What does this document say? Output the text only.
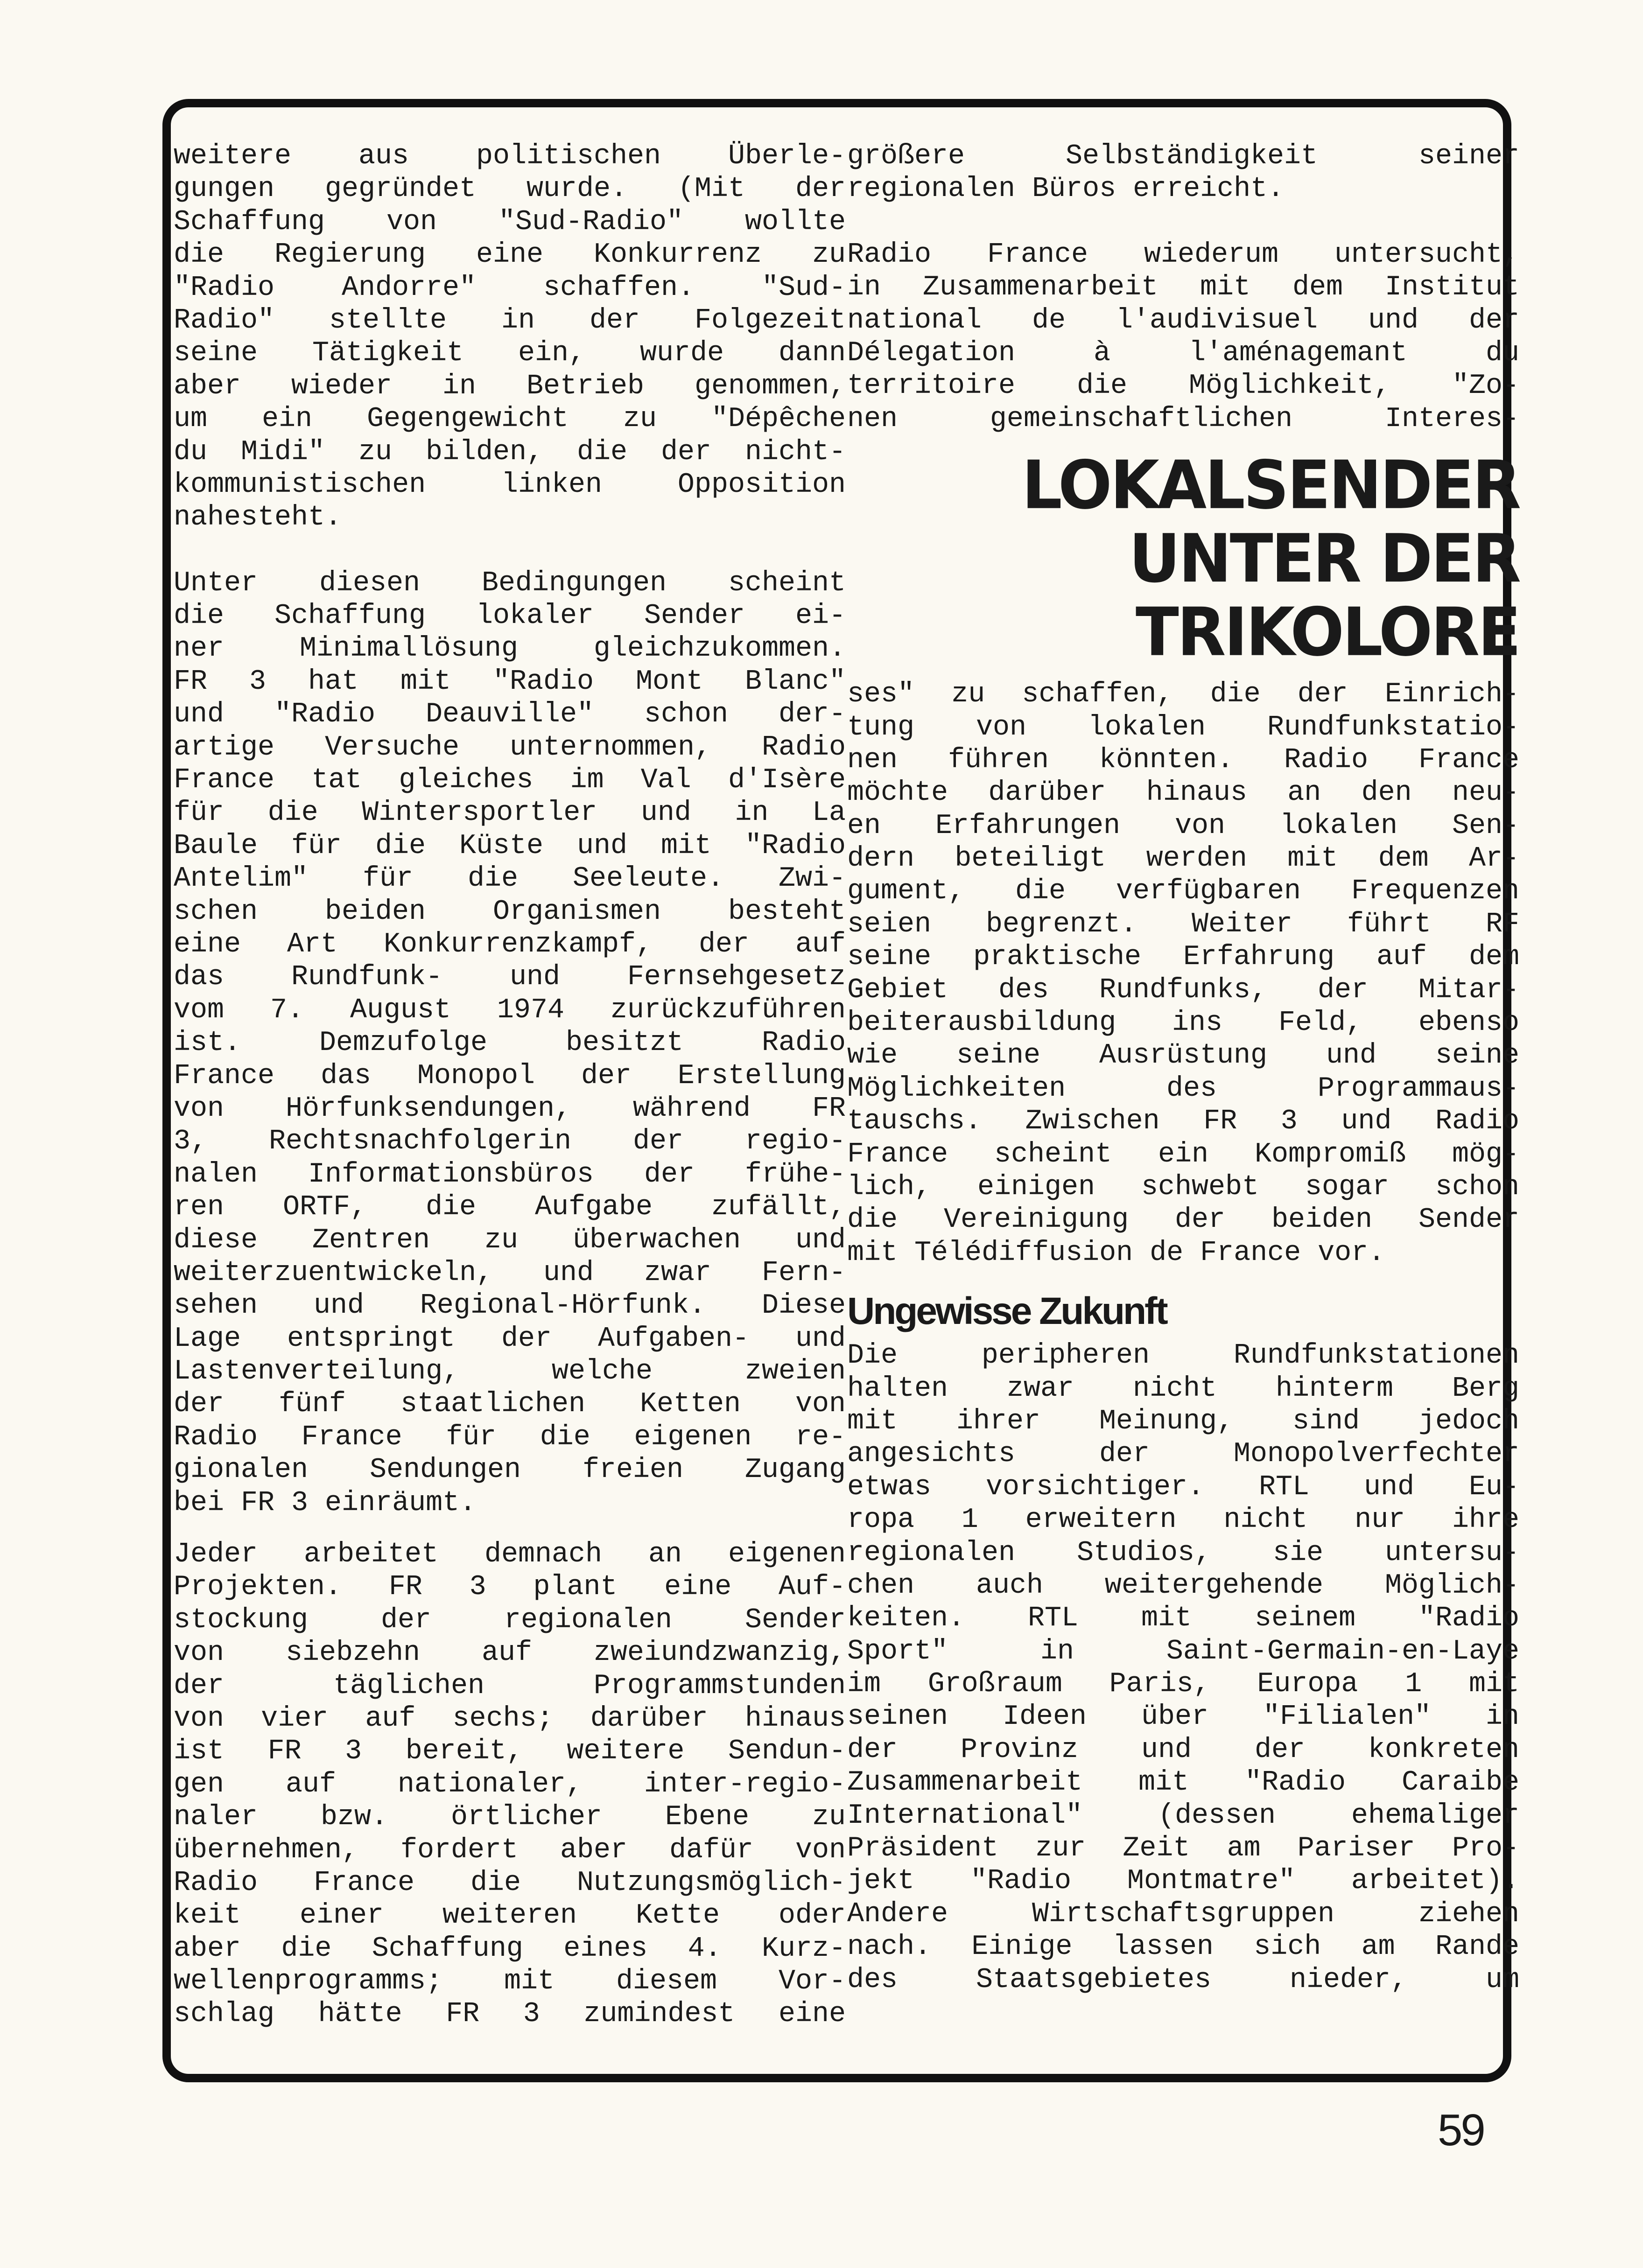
weitere aus politischen Überle-
gungen gegründet wurde. (Mit der
Schaffung von "Sud-Radio" wollte
die Regierung eine Konkurrenz zu
"Radio Andorre" schaffen. "Sud-
Radio" stellte in der Folgezeit
seine Tätigkeit ein, wurde dann
aber wieder in Betrieb genommen,
um ein Gegengewicht zu "Dépêche
du Midi" zu bilden, die der nicht-
kommunistischen linken Opposition
nahesteht.
Unter diesen Bedingungen scheint
die Schaffung lokaler Sender ei-
ner Minimallösung gleichzukommen.
FR 3 hat mit "Radio Mont Blanc"
und "Radio Deauville" schon der-
artige Versuche unternommen, Radio
France tat gleiches im Val d'Isère
für die Wintersportler und in La
Baule für die Küste und mit "Radio
Antelim" für die Seeleute. Zwi-
schen beiden Organismen besteht
eine Art Konkurrenzkampf, der auf
das Rundfunk- und Fernsehgesetz
vom 7. August 1974 zurückzuführen
ist. Demzufolge besitzt Radio
France das Monopol der Erstellung
von Hörfunksendungen, während FR
3, Rechtsnachfolgerin der regio-
nalen Informationsbüros der frühe-
ren ORTF, die Aufgabe zufällt,
diese Zentren zu überwachen und
weiterzuentwickeln, und zwar Fern-
sehen und Regional-Hörfunk. Diese
Lage entspringt der Aufgaben- und
Lastenverteilung, welche zweien
der fünf staatlichen Ketten von
Radio France für die eigenen re-
gionalen Sendungen freien Zugang
bei FR 3 einräumt.
Jeder arbeitet demnach an eigenen
Projekten. FR 3 plant eine Auf-
stockung der regionalen Sender
von siebzehn auf zweiundzwanzig,
der täglichen Programmstunden
von vier auf sechs; darüber hinaus
ist FR 3 bereit, weitere Sendun-
gen auf nationaler, inter-regio-
naler bzw. örtlicher Ebene zu
übernehmen, fordert aber dafür von
Radio France die Nutzungsmöglich-
keit einer weiteren Kette oder
aber die Schaffung eines 4. Kurz-
wellenprogramms; mit diesem Vor-
schlag hätte FR 3 zumindest eine
größere Selbständigkeit seiner
regionalen Büros erreicht.
Radio France wiederum untersucht,
in Zusammenarbeit mit dem Institut
national de l'audivisuel und der
Délegation à l'aménagemant du
territoire die Möglichkeit, "Zo-
nen gemeinschaftlichen Interes-
LOKALSENDER
UNTER DER
TRIKOLORE
ses" zu schaffen, die der Einrich-
tung von lokalen Rundfunkstatio-
nen führen könnten. Radio France
möchte darüber hinaus an den neu-
en Erfahrungen von lokalen Sen-
dern beteiligt werden mit dem Ar-
gument, die verfügbaren Frequenzen
seien begrenzt. Weiter führt RF
seine praktische Erfahrung auf dem
Gebiet des Rundfunks, der Mitar-
beiterausbildung ins Feld, ebenso
wie seine Ausrüstung und seine
Möglichkeiten des Programmaus-
tauschs. Zwischen FR 3 und Radio
France scheint ein Kompromiß mög-
lich, einigen schwebt sogar schon
die Vereinigung der beiden Sender
mit Télédiffusion de France vor.
Ungewisse Zukunft
Die peripheren Rundfunkstationen
halten zwar nicht hinterm Berg
mit ihrer Meinung, sind jedoch
angesichts der Monopolverfechter
etwas vorsichtiger. RTL und Eu-
ropa 1 erweitern nicht nur ihre
regionalen Studios, sie untersu-
chen auch weitergehende Möglich-
keiten. RTL mit seinem "Radio
Sport" in Saint-Germain-en-Laye
im Großraum Paris, Europa 1 mit
seinen Ideen über "Filialen" in
der Provinz und der konkreten
Zusammenarbeit mit "Radio Caraibe
International" (dessen ehemaliger
Präsident zur Zeit am Pariser Pro-
jekt "Radio Montmatre" arbeitet).
Andere Wirtschaftsgruppen ziehen
nach. Einige lassen sich am Rande
des Staatsgebietes nieder, um
59
